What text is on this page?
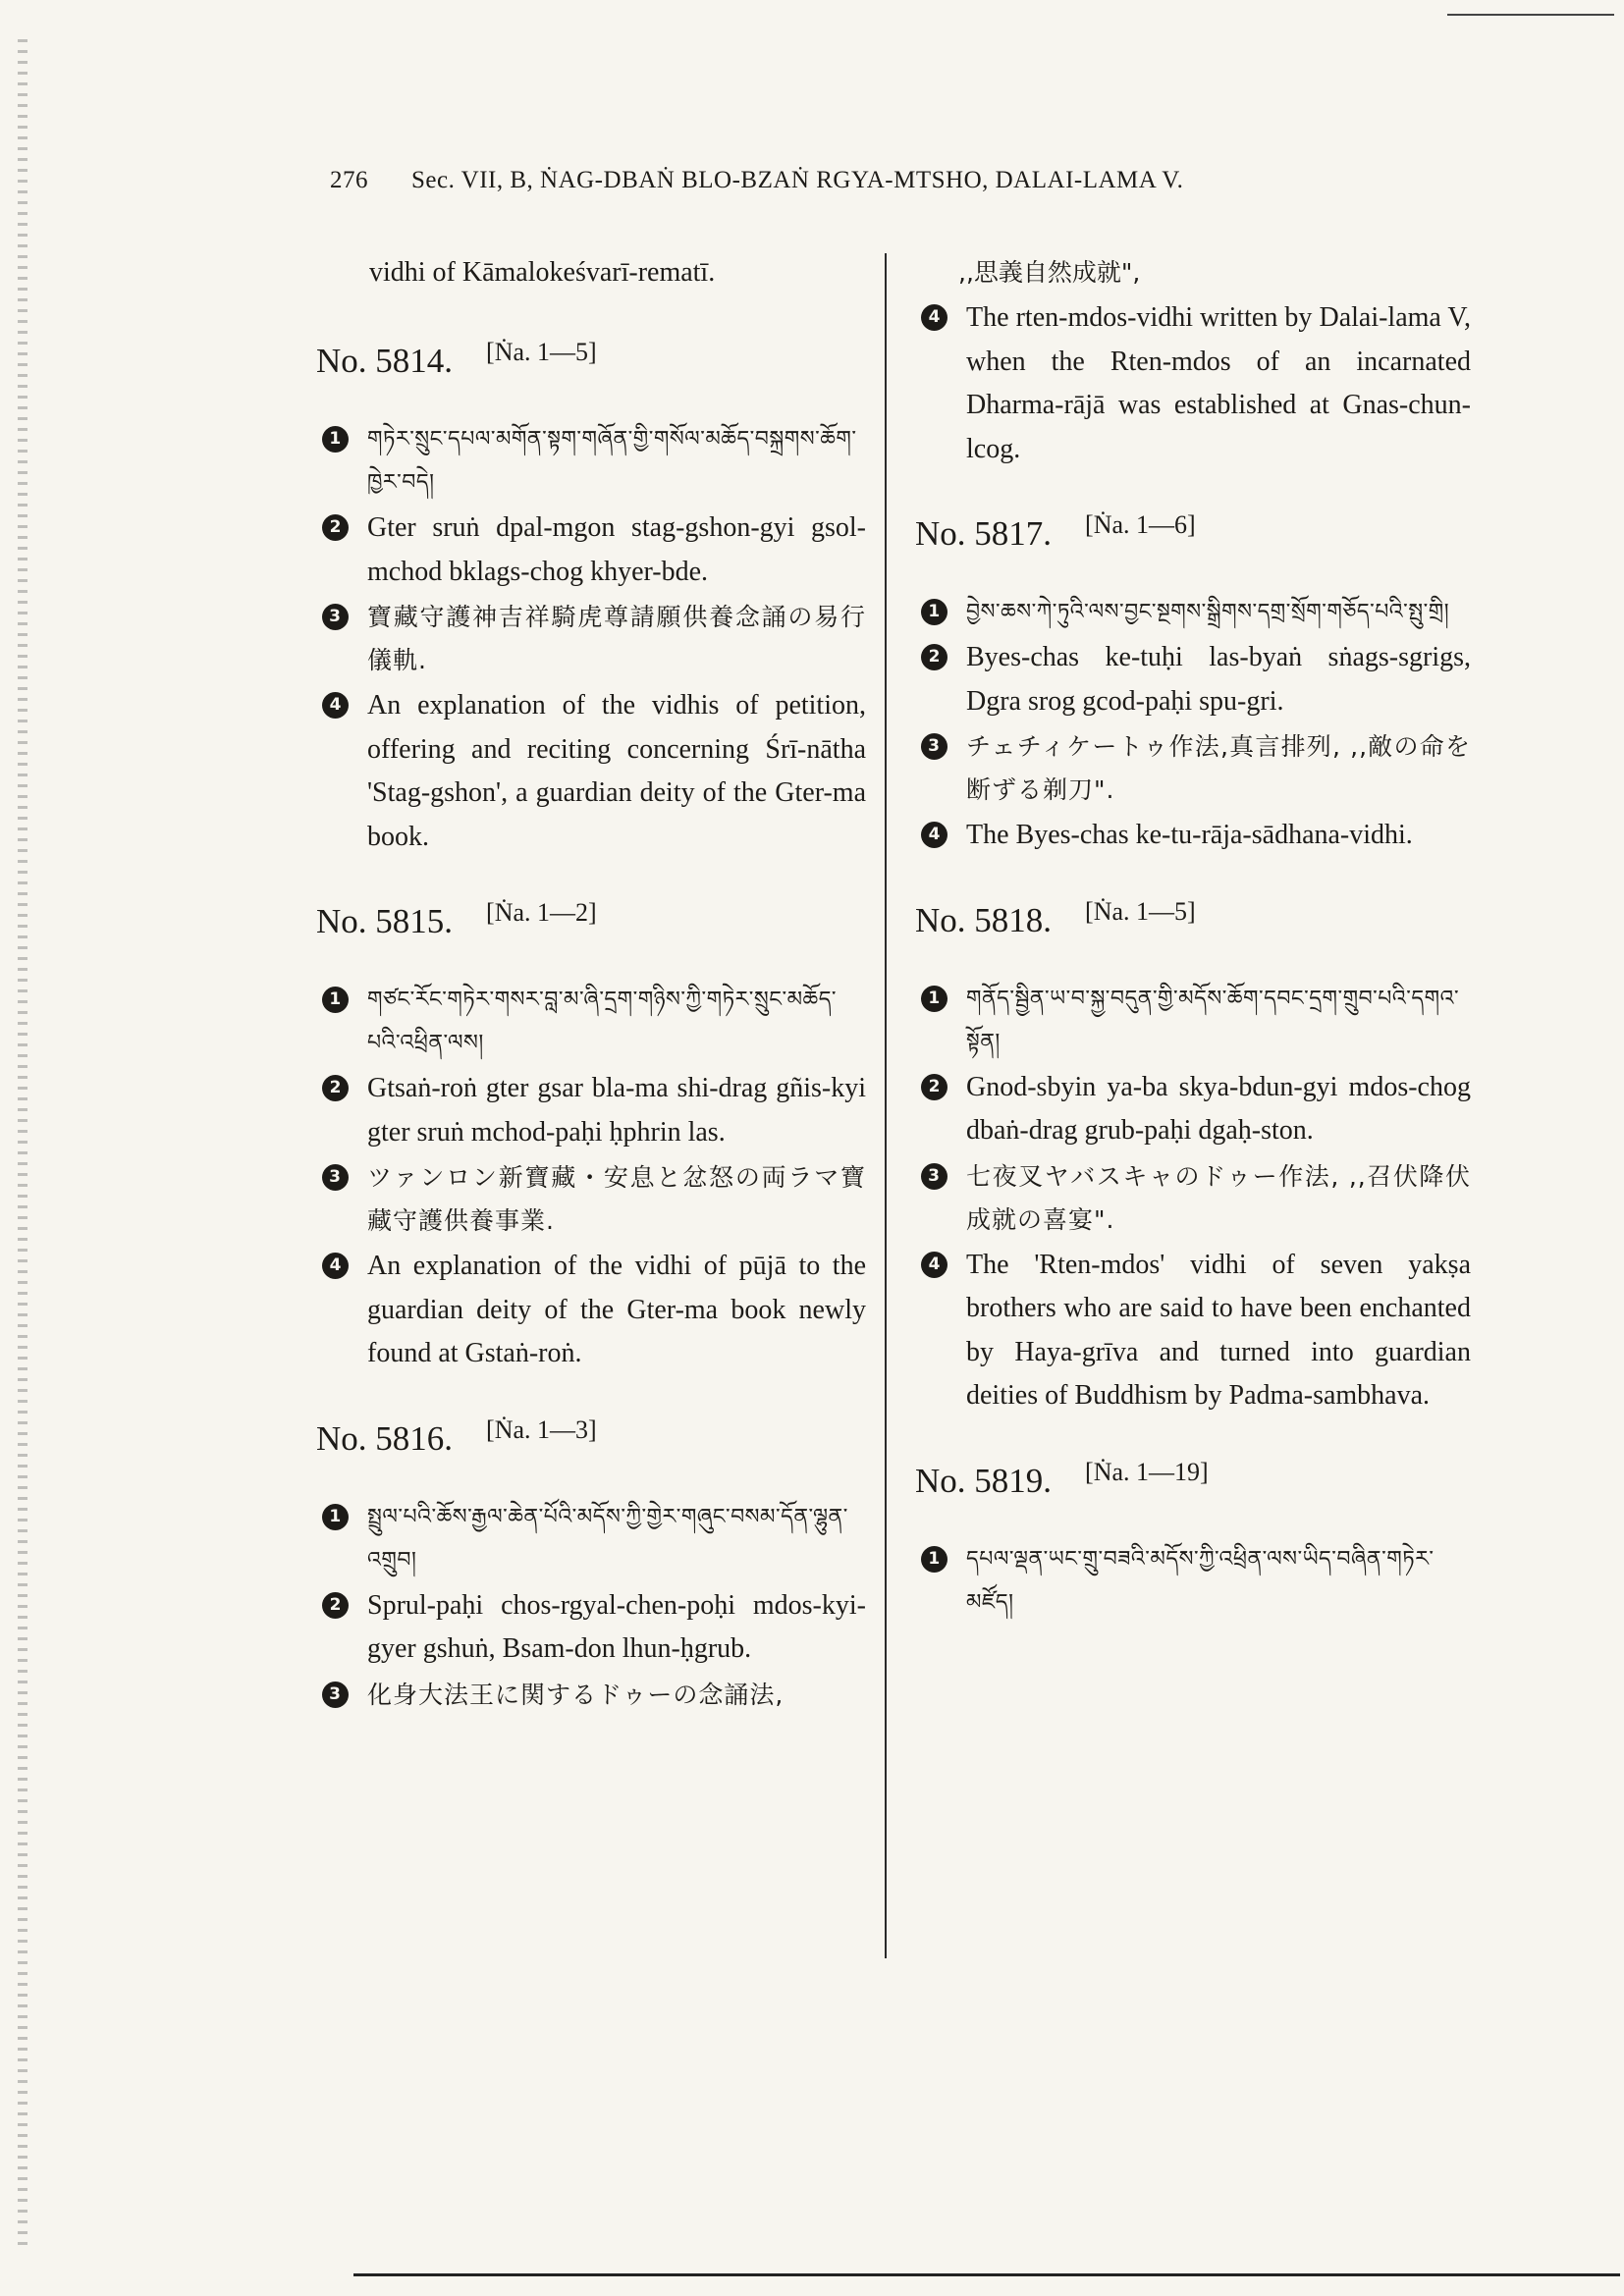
276 Sec. VII, B, ṄAG-DBAṄ BLO-BZAṄ RGYA-MTSHO, DALAI-LAMA V.
vidhi of Kāmalokeśvarī-rematī.
No. 5814. [Ṅa. 1—5]
1	གཏེར་སྲུང་དཔལ་མགོན་སྟག་གཞོན་གྱི་གསོལ་མཆོད་བསྐྲགས་ཆོག་ཁྱེར་བདེ།
2 Gter sruṅ dpal-mgon stag-gshon-gyi gsol-mchod bklags-chog khyer-bde.
3 寶藏守護神吉祥騎虎尊請願供養念誦の易行儀軌.
4 An explanation of the vidhis of petition, offering and reciting concerning Śrī-nātha 'Stag-gshon', a guardian deity of the Gter-ma book.
No. 5815. [Ṅa. 1—2]
1	གཙང་རོང་གཏེར་གསར་བླ་མ་ཞི་དྲག་གཉིས་ཀྱི་གཏེར་སྲུང་མཆོད་པའི་འཕྲིན་ལས།
2 Gtsaṅ-roṅ gter gsar bla-ma shi-drag gñis-kyi gter sruṅ mchod-paḥi ḥphrin las.
3 ツァンロン新寶藏・安息と忿怒の両ラマ寶藏守護供養事業.
4 An explanation of the vidhi of pūjā to the guardian deity of the Gter-ma book newly found at Gstaṅ-roṅ.
No. 5816. [Ṅa. 1—3]
1	སྤྲུལ་པའི་ཆོས་རྒྱལ་ཆེན་པོའི་མདོས་ཀྱི་གྱེར་གཞུང་བསམ་དོན་ལྷུན་འགྲུབ།
2 Sprul-paḥi chos-rgyal-chen-poḥi mdos-kyi-gyer gshuṅ, Bsam-don lhun-ḥgrub.
3 化身大法王に関するドゥーの念誦法,
,,思義自然成就",
4 The rten-mdos-vidhi written by Dalai-lama V, when the Rten-mdos of an incarnated Dharma-rājā was established at Gnas-chun-lcog.
No. 5817. [Ṅa. 1—6]
1	བྱེས་ཆས་ཀེ་ཏུའི་ལས་བྱང་སྔགས་སྒྲིགས་དགྲ་སྲོག་གཅོད་པའི་སྤུ་གྲི།
2 Byes-chas ke-tuḥi las-byaṅ sṅags-sgrigs, Dgra srog gcod-paḥi spu-gri.
3 チェチィケートゥ作法,真言排列, ,,敵の命を断ずる剃刀".
4 The Byes-chas ke-tu-rāja-sādhana-vidhi.
No. 5818. [Ṅa. 1—5]
1	གནོད་སྦྱིན་ཡ་བ་སྐྱ་བདུན་གྱི་མདོས་ཆོག་དབང་དྲག་གྲུབ་པའི་དགའ་སྟོན།
2 Gnod-sbyin ya-ba skya-bdun-gyi mdos-chog dbaṅ-drag grub-paḥi dgaḥ-ston.
3 七夜叉ヤバスキャのドゥー作法, ,,召伏降伏成就の喜宴".
4 The 'Rten-mdos' vidhi of seven yakṣa brothers who are said to have been enchanted by Haya-grīva and turned into guardian deities of Buddhism by Padma-sambhava.
No. 5819. [Ṅa. 1—19]
1	དཔལ་ལྡན་ཡང་གྲུ་བཟའི་མདོས་ཀྱི་འཕྲིན་ལས་ཡིད་བཞིན་གཏེར་མཛོད།
